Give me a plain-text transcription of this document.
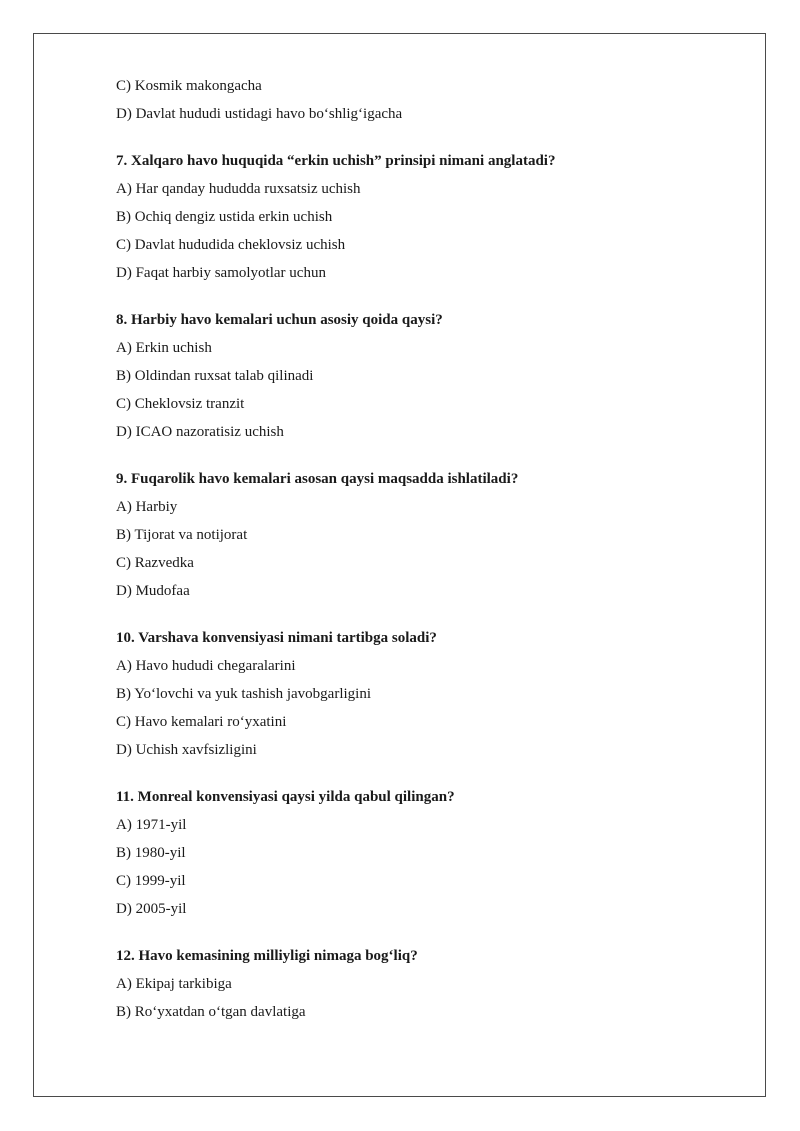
C) Kosmik makongacha
D) Davlat hududi ustidagi havo bo‘shlig‘igacha
7. Xalqaro havo huquqida “erkin uchish” prinsipi nimani anglatadi?
A) Har qanday hududda ruxsatsiz uchish
B) Ochiq dengiz ustida erkin uchish
C) Davlat hududida cheklovsiz uchish
D) Faqat harbiy samolyotlar uchun
8. Harbiy havo kemalari uchun asosiy qoida qaysi?
A) Erkin uchish
B) Oldindan ruxsat talab qilinadi
C) Cheklovsiz tranzit
D) ICAO nazoratisiz uchish
9. Fuqarolik havo kemalari asosan qaysi maqsadda ishlatiladi?
A) Harbiy
B) Tijorat va notijorat
C) Razvedka
D) Mudofaa
10. Varshava konvensiyasi nimani tartibga soladi?
A) Havo hududi chegaralarini
B) Yo‘lovchi va yuk tashish javobgarligini
C) Havo kemalari ro‘yxatini
D) Uchish xavfsizligini
11. Monreal konvensiyasi qaysi yilda qabul qilingan?
A) 1971-yil
B) 1980-yil
C) 1999-yil
D) 2005-yil
12. Havo kemasining milliyligi nimaga bog‘liq?
A) Ekipaj tarkibiga
B) Ro‘yxatdan o‘tgan davlatiga
